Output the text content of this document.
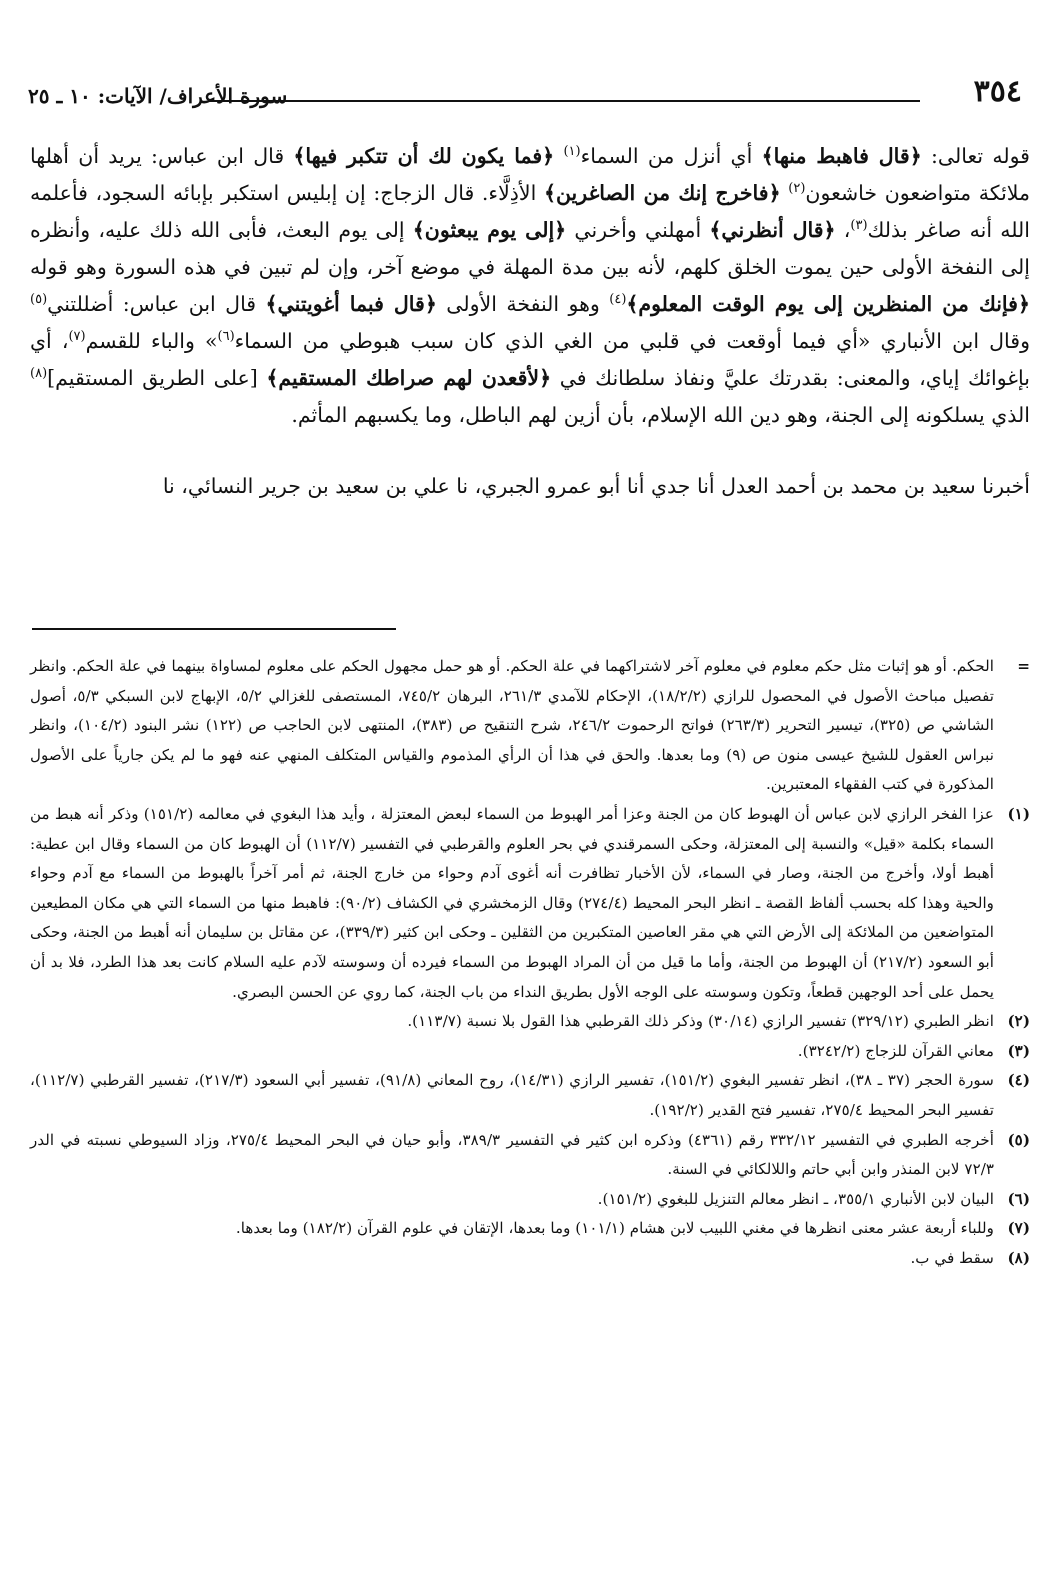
٣٥٤
سورة الأعراف/ الآيات: ١٠ ـ ٢٥

قوله تعالى: ﴿قال فاهبط منها﴾ أي أنزل من السماء$^{(١)}$ ﴿فما يكون لك أن تتكبر فيها﴾ قال ابن عباس: يريد أن أهلها ملائكة متواضعون خاشعون$^{(٢)}$ ﴿فاخرج إنك من الصاغرين﴾ الأذِلَّاء. قال الزجاج: إن إبليس استكبر بإبائه السجود، فأعلمه الله أنه صاغر بذلك$^{(٣)}$، ﴿قال أنظرني﴾ أمهلني وأخرني ﴿إلى يوم يبعثون﴾ إلى يوم البعث، فأبى الله ذلك عليه، وأنظره إلى النفخة الأولى حين يموت الخلق كلهم، لأنه بين مدة المهلة في موضع آخر، وإن لم تبين في هذه السورة وهو قوله ﴿فإنك من المنظرين إلى يوم الوقت المعلوم﴾$^{(٤)}$ وهو النفخة الأولى ﴿قال فبما أغويتني﴾ قال ابن عباس: أضللتني$^{(٥)}$ وقال ابن الأنباري «أي فيما أوقعت في قلبي من الغي الذي كان سبب هبوطي من السماء$^{(٦)}$» والباء للقسم$^{(٧)}$، أي بإغوائك إياي، والمعنى: بقدرتك عليَّ ونفاذ سلطانك في ﴿لأقعدن لهم صراطك المستقيم﴾ [على الطريق المستقيم]$^{(٨)}$ الذي يسلكونه إلى الجنة، وهو دين الله الإسلام، بأن أزين لهم الباطل، وما يكسبهم المأثم.

أخبرنا سعيد بن محمد بن أحمد العدل أنا جدي أنا أبو عمرو الجبري، نا علي بن سعيد بن جرير النسائي، نا

=
الحكم. أو هو إثبات مثل حكم معلوم في معلوم آخر لاشتراكهما في علة الحكم. أو هو حمل مجهول الحكم على معلوم لمساواة بينهما في علة الحكم. وانظر تفصيل مباحث الأصول في المحصول للرازي (١٨/٢/٢)، الإحكام للآمدي ٢٦١/٣، البرهان ٧٤٥/٢، المستصفى للغزالي ٥/٢، الإبهاج لابن السبكي ٥/٣، أصول الشاشي ص (٣٢٥)، تيسير التحرير (٢٦٣/٣) فواتح الرحموت ٢٤٦/٢، شرح التنقيح ص (٣٨٣)، المنتهى لابن الحاجب ص (١٢٢) نشر البنود (١٠٤/٢)، وانظر نبراس العقول للشيخ عيسى منون ص (٩) وما بعدها. والحق في هذا أن الرأي المذموم والقياس المتكلف المنهي عنه فهو ما لم يكن جارياً على الأصول المذكورة في كتب الفقهاء المعتبرين.
(١)
عزا الفخر الرازي لابن عباس أن الهبوط كان من الجنة وعزا أمر الهبوط من السماء لبعض المعتزلة ، وأيد هذا البغوي في معالمه (١٥١/٢) وذكر أنه هبط من السماء بكلمة «قيل» والنسبة إلى المعتزلة، وحكى السمرقندي في بحر العلوم والقرطبي في التفسير (١١٢/٧) أن الهبوط كان من السماء وقال ابن عطية: أهبط أولا، وأخرج من الجنة، وصار في السماء، لأن الأخبار تظافرت أنه أغوى آدم وحواء من خارج الجنة، ثم أمر آخراً بالهبوط من السماء مع آدم وحواء والحية وهذا كله بحسب ألفاظ القصة ـ انظر البحر المحيط (٢٧٤/٤) وقال الزمخشري في الكشاف (٩٠/٢): فاهبط منها من السماء التي هي مكان المطيعين المتواضعين من الملائكة إلى الأرض التي هي مقر العاصين المتكبرين من الثقلين ـ وحكى ابن كثير (٣٣٩/٣)، عن مقاتل بن سليمان أنه أهبط من الجنة، وحكى أبو السعود (٢١٧/٢) أن الهبوط من الجنة، وأما ما قيل من أن المراد الهبوط من السماء فيرده أن وسوسته لآدم عليه السلام كانت بعد هذا الطرد، فلا بد أن يحمل على أحد الوجهين قطعاً، وتكون وسوسته على الوجه الأول بطريق النداء من باب الجنة، كما روي عن الحسن البصري.
(٢)
انظر الطبري (٣٢٩/١٢) تفسير الرازي (٣٠/١٤) وذكر ذلك القرطبي هذا القول بلا نسبة (١١٣/٧).
(٣)
معاني القرآن للزجاج (٣٢٤٢/٢).
(٤)
سورة الحجر (٣٧ ـ ٣٨)، انظر تفسير البغوي (١٥١/٢)، تفسير الرازي (١٤/٣١)، روح المعاني (٩١/٨)، تفسير أبي السعود (٢١٧/٣)، تفسير القرطبي (١١٢/٧)، تفسير البحر المحيط ٢٧٥/٤، تفسير فتح القدير (١٩٢/٢).
(٥)
أخرجه الطبري في التفسير ٣٣٢/١٢ رقم (٤٣٦١) وذكره ابن كثير في التفسير ٣٨٩/٣، وأبو حيان في البحر المحيط ٢٧٥/٤، وزاد السيوطي نسبته في الدر ٧٢/٣ لابن المنذر وابن أبي حاتم واللالكائي في السنة.
(٦)
البيان لابن الأنباري ٣٥٥/١، ـ انظر معالم التنزيل للبغوي (١٥١/٢).
(٧)
وللباء أربعة عشر معنى انظرها في مغني اللبيب لابن هشام (١٠١/١) وما بعدها، الإتقان في علوم القرآن (١٨٢/٢) وما بعدها.
(٨)
سقط في ب.
